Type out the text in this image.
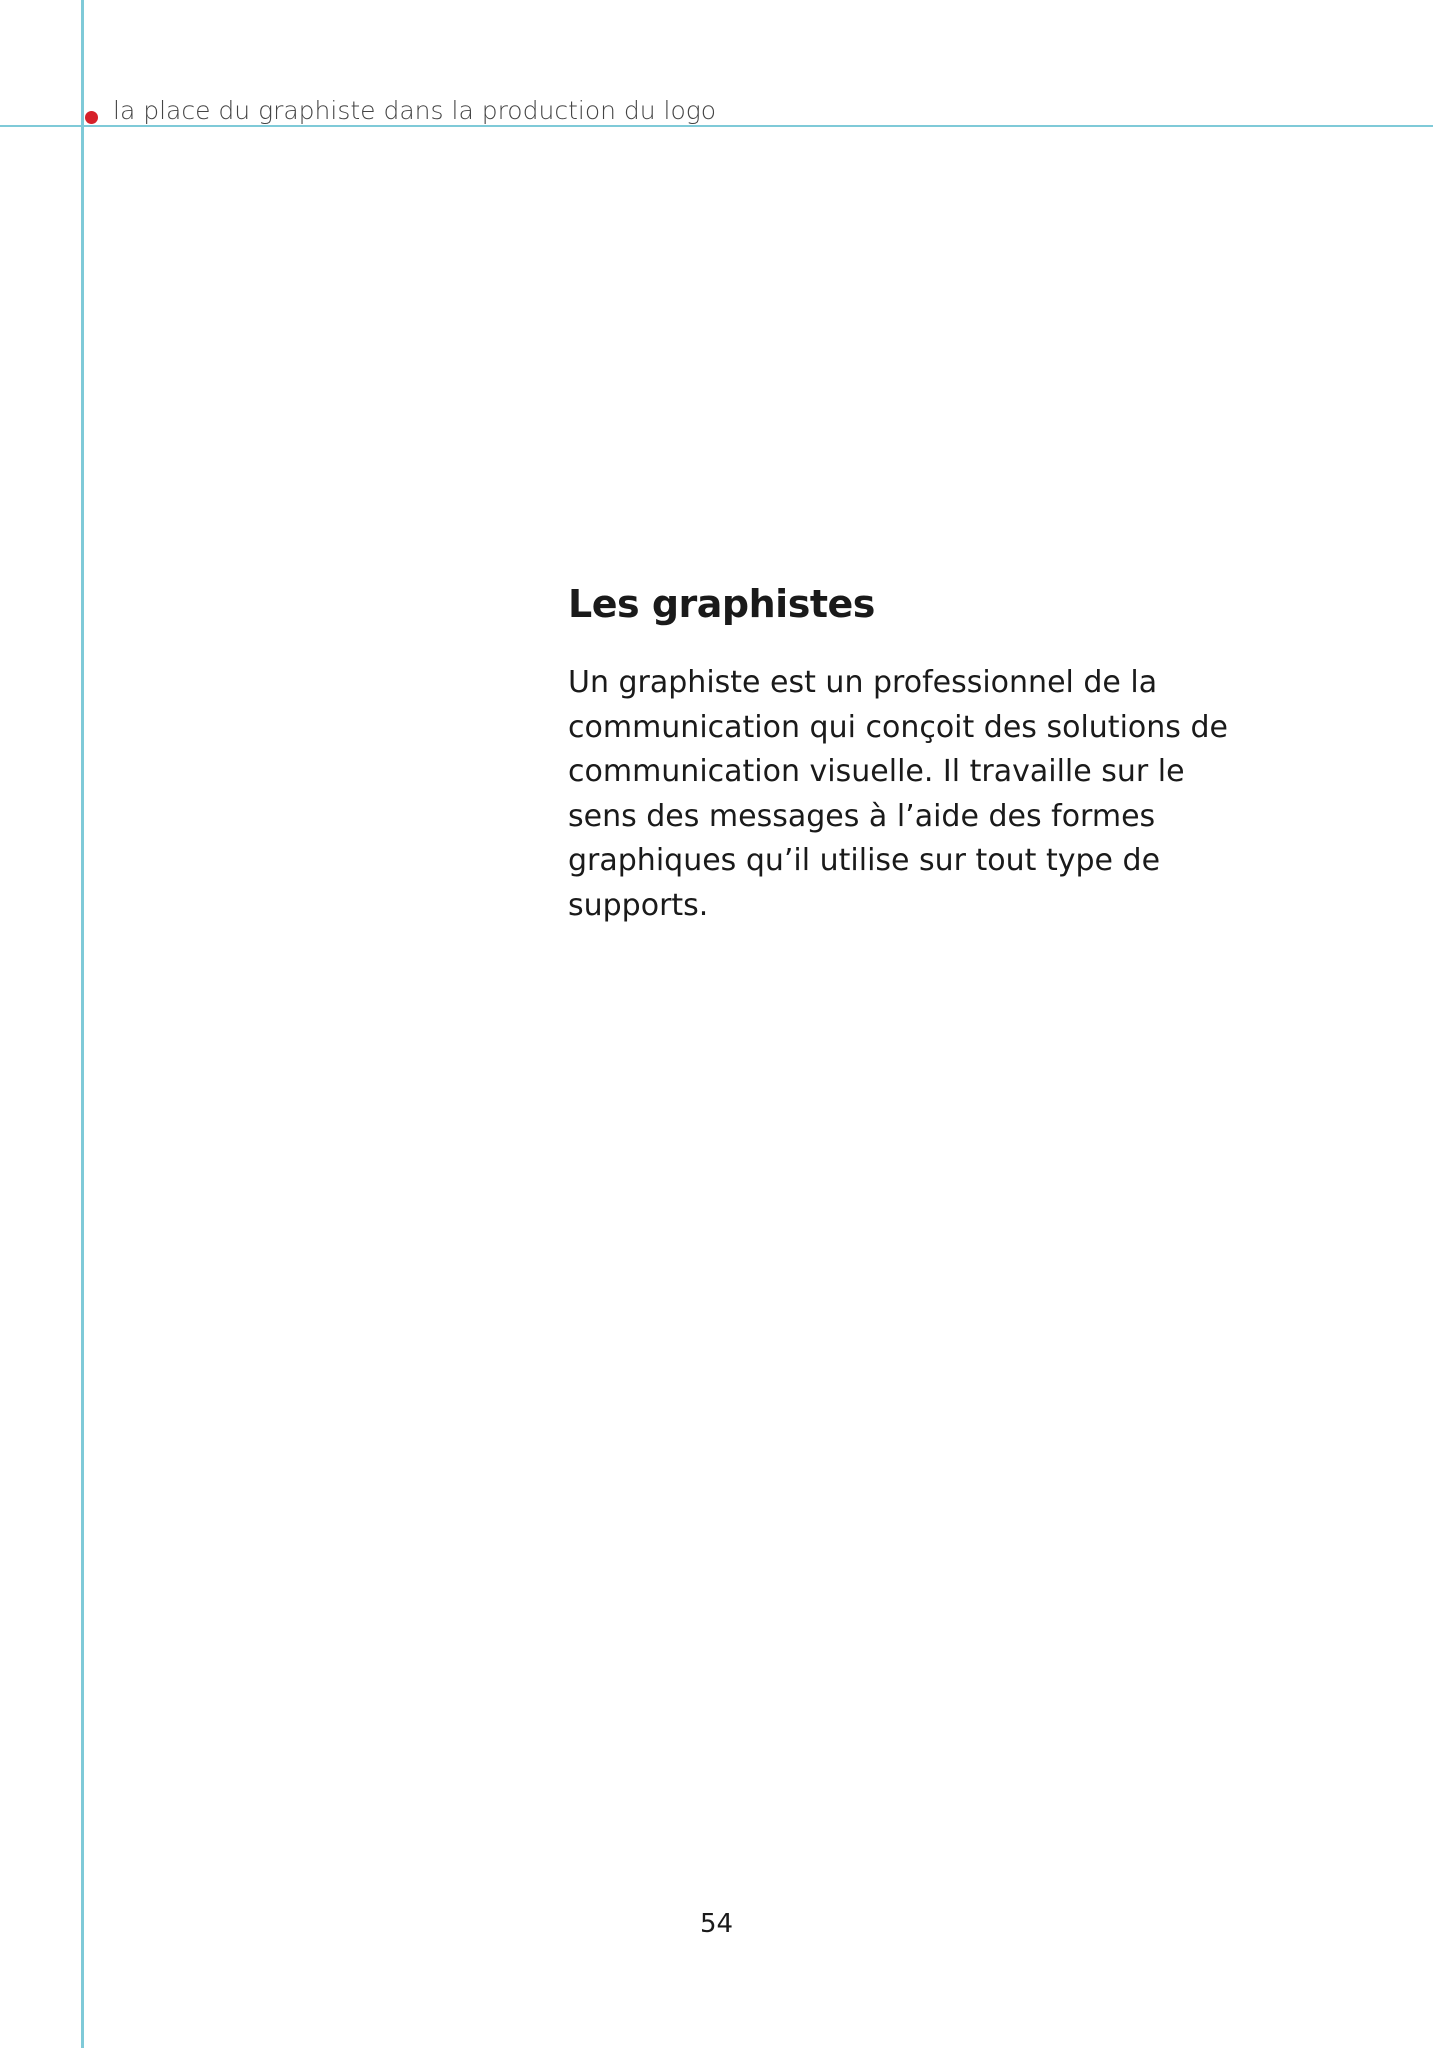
la place du graphiste dans la production du logo
Les graphistes

Un graphiste est un professionnel de la communication qui conçoit des solutions de communication visuelle. Il travaille sur le sens des messages à l’aide des formes graphiques qu’il utilise sur tout type de supports.

54
